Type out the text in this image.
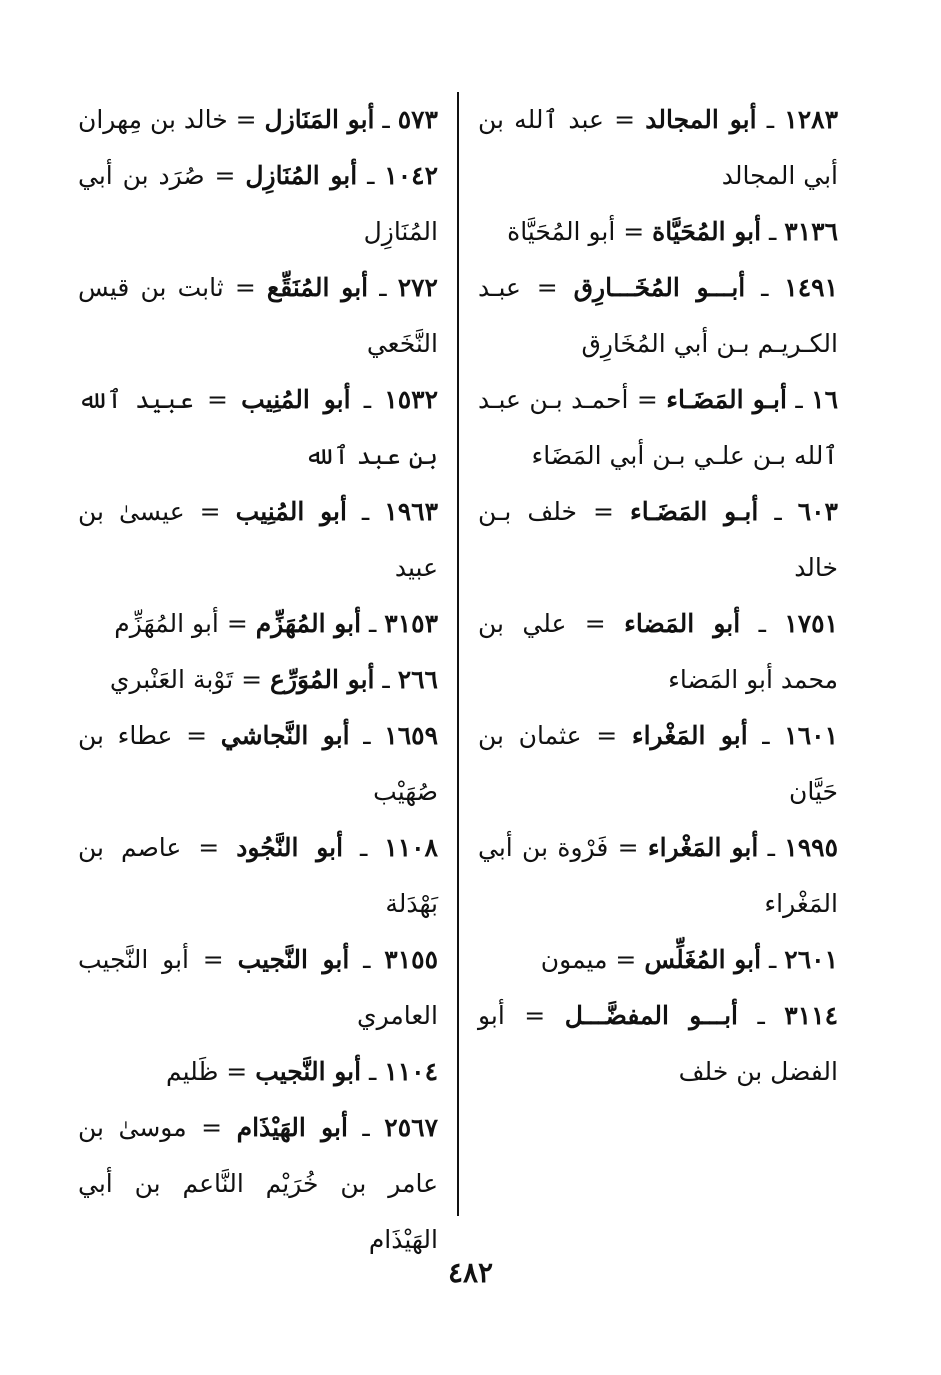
١٢٨٣ ـ أبو المجالد = عبد ٱلله بن أبي المجالد

٣١٣٦ ـ أبو المُحَيَّاة = أبو المُحَيَّاة

١٤٩١ ـ أبـــو المُخَـــارِق = عبـد الكـريـم بـن أبي المُخَارِق

١٦ ـ أبـو المَضَـاء = أحمـد بـن عبـد ٱلله بـن علـي بـن أبي المَضَاء

٦٠٣ ـ أبـو المَضَـاء = خلف بـن خالد

١٧٥١ ـ أبو المَضاء = علي بن محمد أبو المَضاء

١٦٠١ ـ أبو المَغْراء = عثمان بن حَيَّان

١٩٩٥ ـ أبو المَغْراء = فَرْوة بن أبي المَغْراء

٢٦٠١ ـ أبو المُغَلِّس = ميمون

٣١١٤ ـ أبـــو المفضَّـــل = أبو الفضل بن خلف

٥٧٣ ـ أبو المَنَازل = خالد بن مِهران

١٠٤٢ ـ أبو المُنَازِل = صُرَد بن أبي المُنَازِل

٢٧٢ ـ أبو المُنَقِّع = ثابت بن قيس النَّخَعي

١٥٣٢ ـ أبو المُنِيب = عبيد ٱلله بن عبد ٱلله

١٩٦٣ ـ أبو المُنِيب = عيسىٰ بن عبيد

٣١٥٣ ـ أبو المُهَزِّم = أبو المُهَزِّم

٢٦٦ ـ أبو المُوَرِّع = تَوْبة العَنْبري

١٦٥٩ ـ أبو النَّجاشي = عطاء بن صُهَيْب

١١٠٨ ـ أبو النَّجُود = عاصم بن بَهْدَلة

٣١٥٥ ـ أبو النَّجيب = أبو النَّجيب العامري

١١٠٤ ـ أبو النَّجيب = ظَليم

٢٥٦٧ ـ أبو الهَيْذَام = موسىٰ بن عامر بن خُرَيْم النَّاعم بن أبي الهَيْذَام

٤٨٢
